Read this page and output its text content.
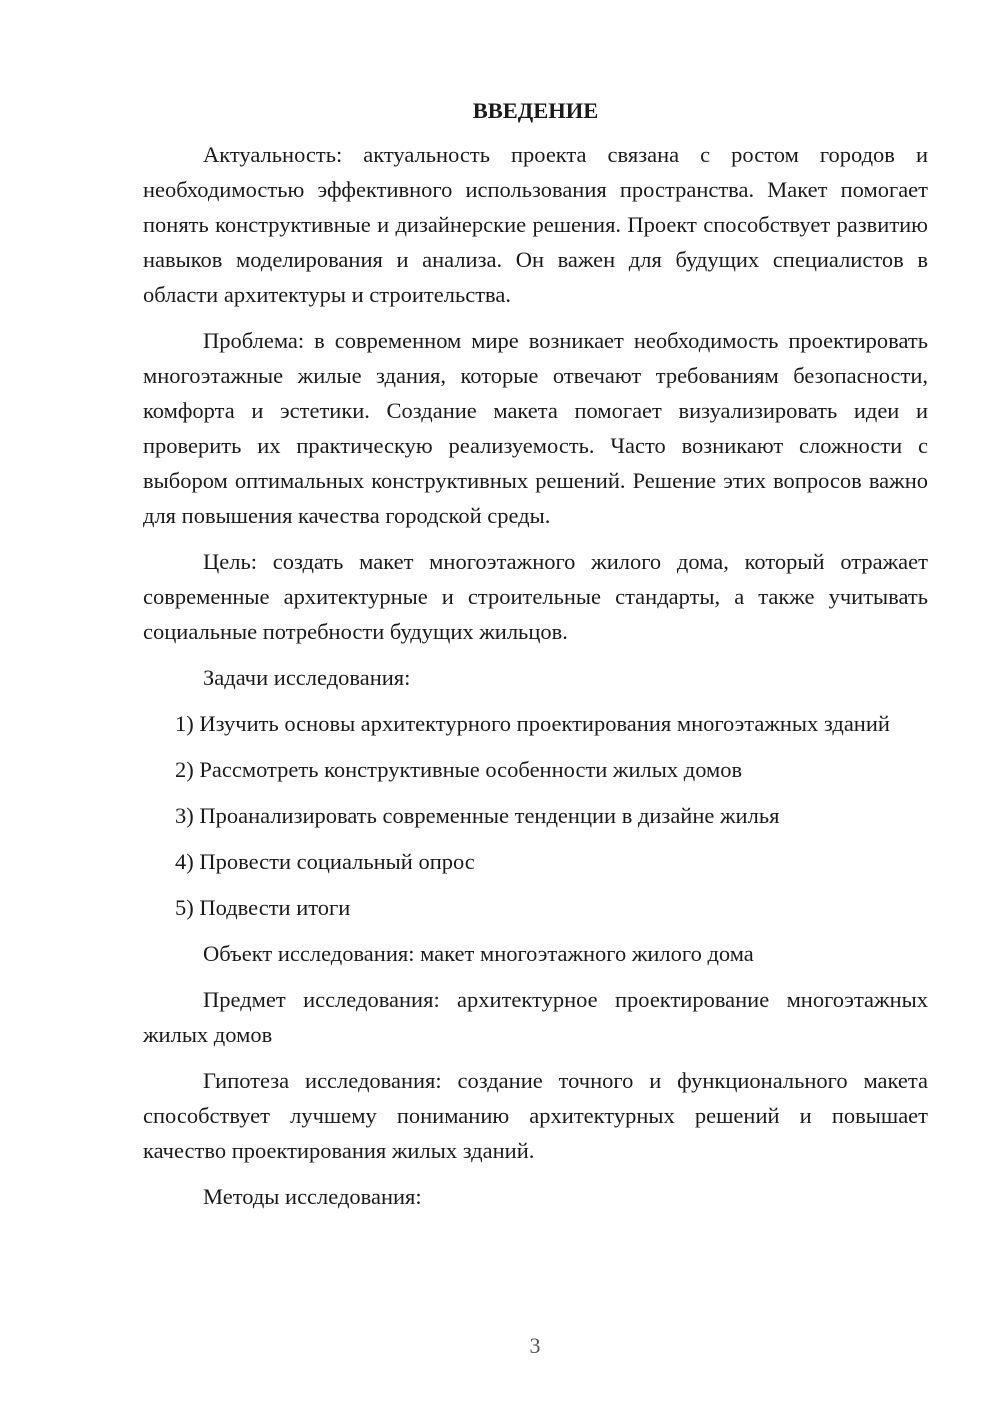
ВВЕДЕНИЕ

Актуальность: актуальность проекта связана с ростом городов и необходимостью эффективного использования пространства. Макет помогает понять конструктивные и дизайнерские решения. Проект способствует развитию навыков моделирования и анализа. Он важен для будущих специалистов в области архитектуры и строительства.

Проблема: в современном мире возникает необходимость проектировать многоэтажные жилые здания, которые отвечают требованиям безопасности, комфорта и эстетики. Создание макета помогает визуализировать идеи и проверить их практическую реализуемость. Часто возникают сложности с выбором оптимальных конструктивных решений. Решение этих вопросов важно для повышения качества городской среды.

Цель: создать макет многоэтажного жилого дома, который отражает современные архитектурные и строительные стандарты, а также учитывать социальные потребности будущих жильцов.

Задачи исследования:

1) Изучить основы архитектурного проектирования многоэтажных зданий

2) Рассмотреть конструктивные особенности жилых домов

3) Проанализировать современные тенденции в дизайне жилья

4) Провести социальный опрос

5) Подвести итоги

Объект исследования: макет многоэтажного жилого дома

Предмет исследования: архитектурное проектирование многоэтажных жилых домов

Гипотеза исследования: создание точного и функционального макета способствует лучшему пониманию архитектурных решений и повышает качество проектирования жилых зданий.

Методы исследования:

3
